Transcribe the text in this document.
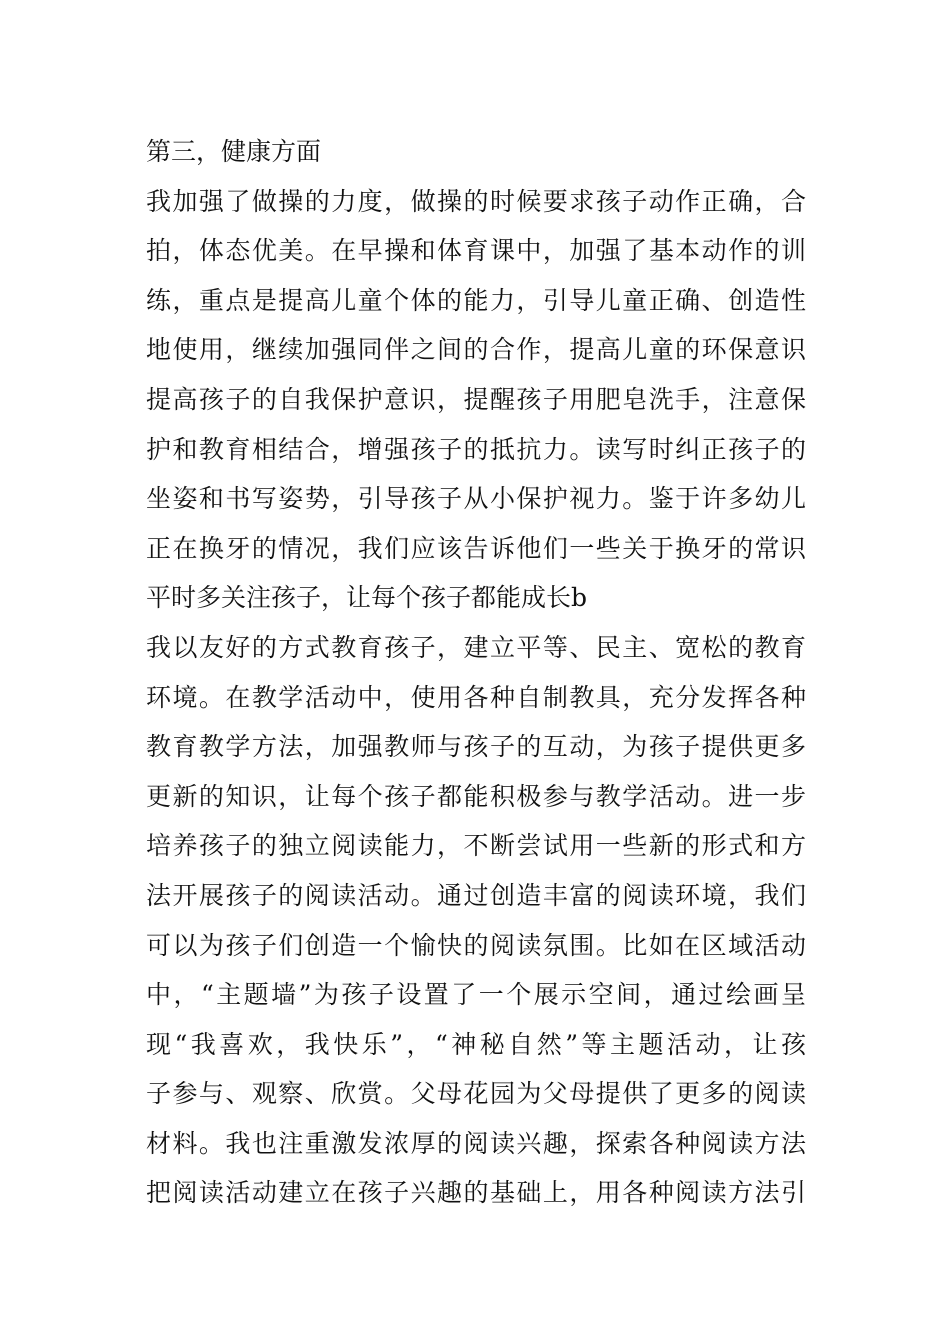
第三，健康方面
我加强了做操的力度，做操的时候要求孩子动作正确，合
拍，体态优美。在早操和体育课中，加强了基本动作的训
练，重点是提高儿童个体的能力，引导儿童正确、创造性
地使用，继续加强同伴之间的合作，提高儿童的环保意识
提高孩子的自我保护意识，提醒孩子用肥皂洗手，注意保
护和教育相结合，增强孩子的抵抗力。读写时纠正孩子的
坐姿和书写姿势，引导孩子从小保护视力。鉴于许多幼儿
正在换牙的情况，我们应该告诉他们一些关于换牙的常识
平时多关注孩子，让每个孩子都能成长b
我以友好的方式教育孩子，建立平等、民主、宽松的教育
环境。在教学活动中，使用各种自制教具，充分发挥各种
教育教学方法，加强教师与孩子的互动，为孩子提供更多
更新的知识，让每个孩子都能积极参与教学活动。进一步
培养孩子的独立阅读能力，不断尝试用一些新的形式和方
法开展孩子的阅读活动。通过创造丰富的阅读环境，我们
可以为孩子们创造一个愉快的阅读氛围。比如在区域活动
中，“主题墙”为孩子设置了一个展示空间，通过绘画呈
现“我喜欢，我快乐”，“神秘自然”等主题活动，让孩
子参与、观察、欣赏。父母花园为父母提供了更多的阅读
材料。我也注重激发浓厚的阅读兴趣，探索各种阅读方法
把阅读活动建立在孩子兴趣的基础上，用各种阅读方法引
